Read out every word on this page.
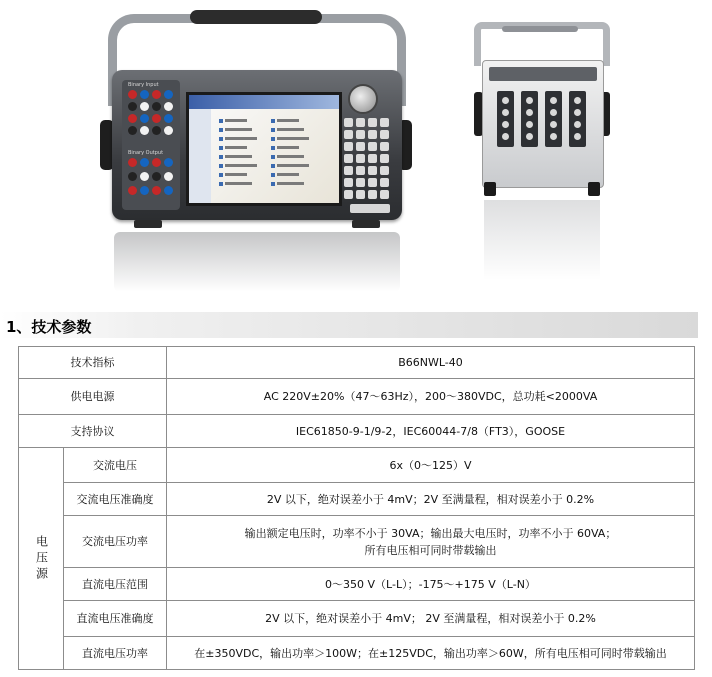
Binary Input
Binary Output
1、技术参数
技术指标		B66NWL-40
供电电源		AC 220V±20%（47～63Hz），200～380VDC，总功耗<2000VA
支持协议		IEC61850-9-1/9-2，IEC60044-7/8（FT3），GOOSE
电压源	交流电压	6x（0～125）V
	交流电压准确度	2V 以下，绝对误差小于 4mV；2V 至满量程，相对误差小于 0.2%
	交流电压功率	输出额定电压时，功率不小于 30VA；输出最大电压时，功率不小于 60VA；
所有电压相可同时带载输出

	直流电压范围	0～350 V（L-L）；-175～+175 V（L-N）
	直流电压准确度	2V 以下，绝对误差小于 4mV； 2V 至满量程，相对误差小于 0.2%
	直流电压功率	在±350VDC，输出功率＞100W；在±125VDC，输出功率＞60W，所有电压相可同时带载输出
